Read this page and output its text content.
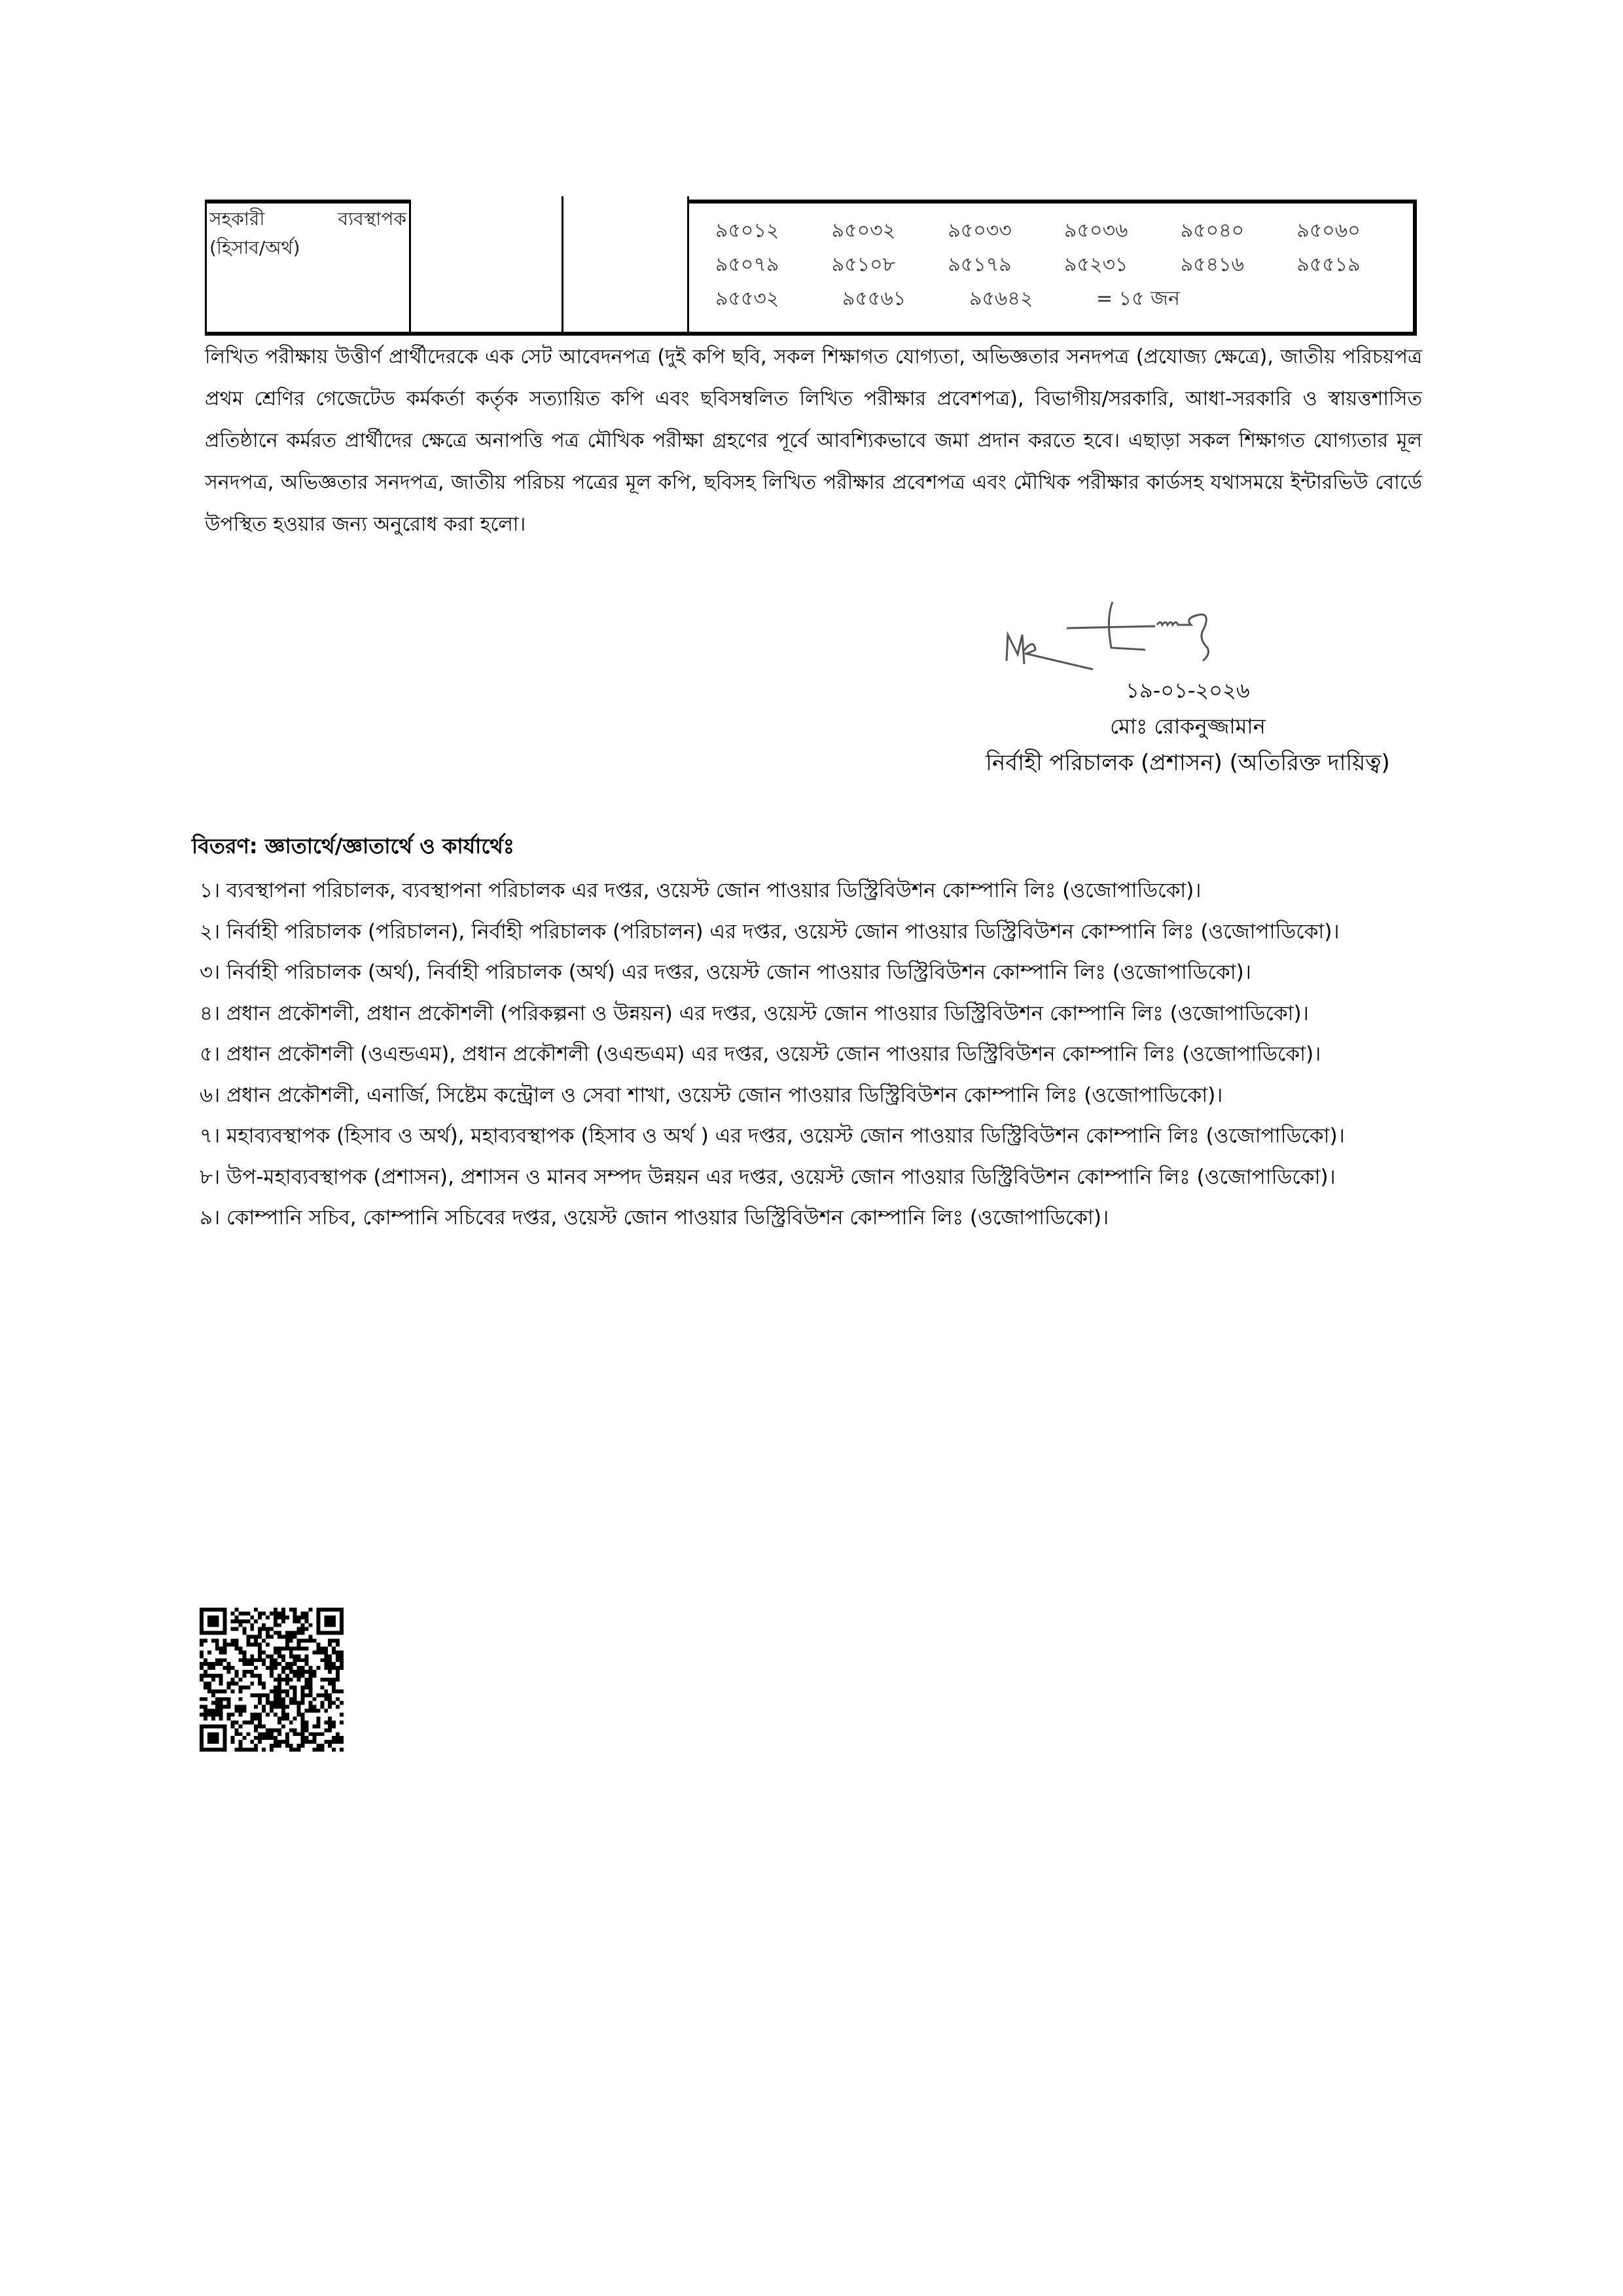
সহকারী	ব্যবস্থাপক
(হিসাব/অর্থ)
৯৫০১২	৯৫০৩২	৯৫০৩৩	৯৫০৩৬	৯৫০৪০	৯৫০৬০
৯৫০৭৯	৯৫১০৮	৯৫১৭৯	৯৫২৩১	৯৫৪১৬	৯৫৫১৯
৯৫৫৩২	৯৫৫৬১	৯৫৬৪২	= ১৫ জন
লিখিত পরীক্ষায় উত্তীর্ণ প্রার্থীদেরকে এক সেট আবেদনপত্র (দুই কপি ছবি, সকল শিক্ষাগত যোগ্যতা, অভিজ্ঞতার সনদপত্র (প্রযোজ্য ক্ষেত্রে), জাতীয় পরিচয়পত্র প্রথম শ্রেণির গেজেটেড কর্মকর্তা কর্তৃক সত্যায়িত কপি এবং ছবিসম্বলিত লিখিত পরীক্ষার প্রবেশপত্র), বিভাগীয়/সরকারি, আধা-সরকারি ও স্বায়ত্তশাসিত প্রতিষ্ঠানে কর্মরত প্রার্থীদের ক্ষেত্রে অনাপত্তি পত্র মৌখিক পরীক্ষা গ্রহণের পূর্বে আবশ্যিকভাবে জমা প্রদান করতে হবে। এছাড়া সকল শিক্ষাগত যোগ্যতার মূল সনদপত্র, অভিজ্ঞতার সনদপত্র, জাতীয় পরিচয় পত্রের মূল কপি, ছবিসহ লিখিত পরীক্ষার প্রবেশপত্র এবং মৌখিক পরীক্ষার কার্ডসহ যথাসময়ে ইন্টারভিউ বোর্ডে উপস্থিত হওয়ার জন্য অনুরোধ করা হলো।
১৯-০১-২০২৬
মোঃ রোকনুজ্জামান
নির্বাহী পরিচালক (প্রশাসন) (অতিরিক্ত দায়িত্ব)
বিতরণ: জ্ঞাতার্থে/জ্ঞাতার্থে ও কার্যার্থেঃ

১। ব্যবস্থাপনা পরিচালক, ব্যবস্থাপনা পরিচালক এর দপ্তর, ওয়েস্ট জোন পাওয়ার ডিস্ট্রিবিউশন কোম্পানি লিঃ (ওজোপাডিকো)।

২। নির্বাহী পরিচালক (পরিচালন), নির্বাহী পরিচালক (পরিচালন) এর দপ্তর, ওয়েস্ট জোন পাওয়ার ডিস্ট্রিবিউশন কোম্পানি লিঃ (ওজোপাডিকো)।

৩। নির্বাহী পরিচালক (অর্থ), নির্বাহী পরিচালক (অর্থ) এর দপ্তর, ওয়েস্ট জোন পাওয়ার ডিস্ট্রিবিউশন কোম্পানি লিঃ (ওজোপাডিকো)।

৪। প্রধান প্রকৌশলী, প্রধান প্রকৌশলী (পরিকল্পনা ও উন্নয়ন) এর দপ্তর, ওয়েস্ট জোন পাওয়ার ডিস্ট্রিবিউশন কোম্পানি লিঃ (ওজোপাডিকো)।

৫। প্রধান প্রকৌশলী (ওএন্ডএম), প্রধান প্রকৌশলী (ওএন্ডএম) এর দপ্তর, ওয়েস্ট জোন পাওয়ার ডিস্ট্রিবিউশন কোম্পানি লিঃ (ওজোপাডিকো)।

৬। প্রধান প্রকৌশলী, এনার্জি, সিষ্টেম কন্ট্রোল ও সেবা শাখা, ওয়েস্ট জোন পাওয়ার ডিস্ট্রিবিউশন কোম্পানি লিঃ (ওজোপাডিকো)।

৭। মহাব্যবস্থাপক (হিসাব ও অর্থ), মহাব্যবস্থাপক (হিসাব ও অর্থ ) এর দপ্তর, ওয়েস্ট জোন পাওয়ার ডিস্ট্রিবিউশন কোম্পানি লিঃ (ওজোপাডিকো)।

৮। উপ-মহাব্যবস্থাপক (প্রশাসন), প্রশাসন ও মানব সম্পদ উন্নয়ন এর দপ্তর, ওয়েস্ট জোন পাওয়ার ডিস্ট্রিবিউশন কোম্পানি লিঃ (ওজোপাডিকো)।

৯। কোম্পানি সচিব, কোম্পানি সচিবের দপ্তর, ওয়েস্ট জোন পাওয়ার ডিস্ট্রিবিউশন কোম্পানি লিঃ (ওজোপাডিকো)।
